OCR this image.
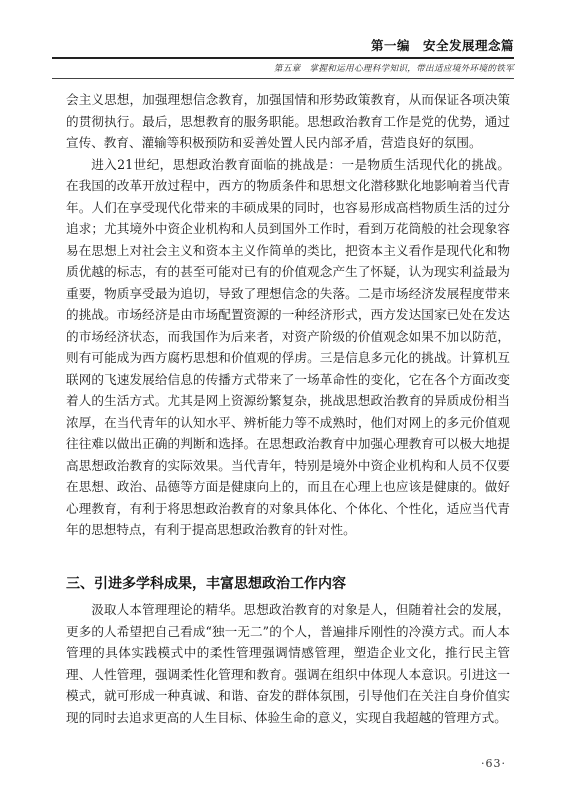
第一编　安全发展理念篇
第五章　掌握和运用心理科学知识，带出适应境外环境的铁军

会主义思想，加强理想信念教育，加强国情和形势政策教育，从而保证各项决策的贯彻执行。最后，思想教育的服务职能。思想政治教育工作是党的优势，通过宣传、教育、灌输等积极预防和妥善处置人民内部矛盾，营造良好的氛围。

进入21世纪，思想政治教育面临的挑战是：一是物质生活现代化的挑战。在我国的改革开放过程中，西方的物质条件和思想文化潜移默化地影响着当代青年。人们在享受现代化带来的丰硕成果的同时，也容易形成高档物质生活的过分追求；尤其境外中资企业机构和人员到国外工作时，看到万花筒般的社会现象容易在思想上对社会主义和资本主义作简单的类比，把资本主义看作是现代化和物质优越的标志，有的甚至可能对已有的价值观念产生了怀疑，认为现实利益最为重要，物质享受最为追切，导致了理想信念的失落。二是市场经济发展程度带来的挑战。市场经济是由市场配置资源的一种经济形式，西方发达国家已处在发达的市场经济状态，而我国作为后来者，对资产阶级的价值观念如果不加以防范，则有可能成为西方腐朽思想和价值观的俘虏。三是信息多元化的挑战。计算机互联网的飞速发展给信息的传播方式带来了一场革命性的变化，它在各个方面改变着人的生活方式。尤其是网上资源纷繁复杂，挑战思想政治教育的异质成份相当浓厚，在当代青年的认知水平、辨析能力等不成熟时，他们对网上的多元价值观往往难以做出正确的判断和选择。在思想政治教育中加强心理教育可以极大地提高思想政治教育的实际效果。当代青年，特别是境外中资企业机构和人员不仅要在思想、政治、品德等方面是健康向上的，而且在心理上也应该是健康的。做好心理教育，有利于将思想政治教育的对象具体化、个体化、个性化，适应当代青年的思想特点，有利于提高思想政治教育的针对性。

三、引进多学科成果，丰富思想政治工作内容

汲取人本管理理论的精华。思想政治教育的对象是人，但随着社会的发展，更多的人希望把自己看成“独一无二”的个人，普遍排斥刚性的冷漠方式。而人本管理的具体实践模式中的柔性管理强调情感管理，塑造企业文化，推行民主管理、人性管理，强调柔性化管理和教育。强调在组织中体现人本意识。引进这一模式，就可形成一种真诚、和谐、奋发的群体氛围，引导他们在关注自身价值实现的同时去追求更高的人生目标、体验生命的意义，实现自我超越的管理方式。

·63·
